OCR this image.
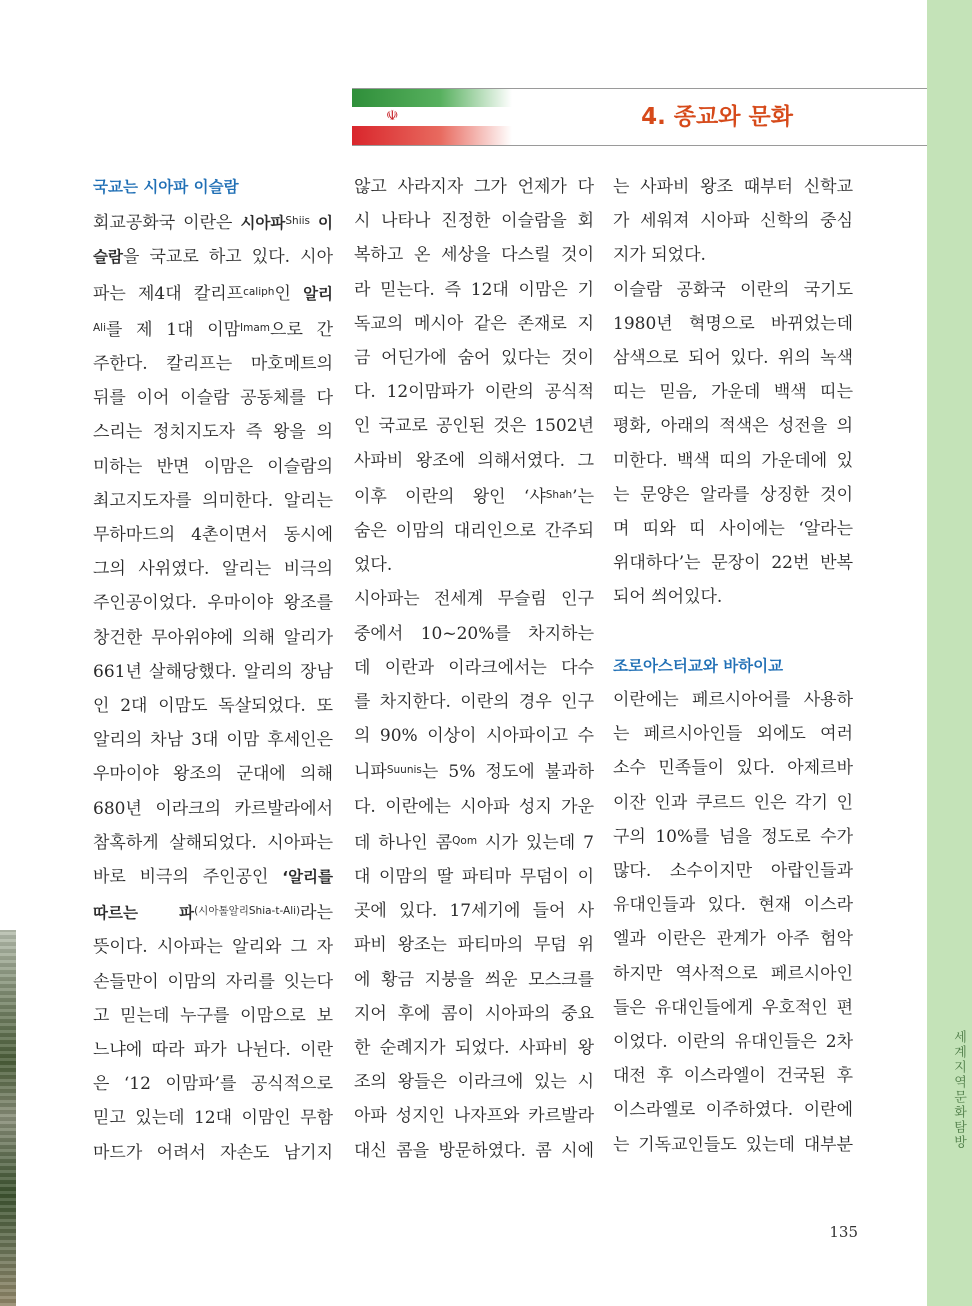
세계지역문화탐방
☫	4. 종교와 문화
국교는 시아파 이슬람

회교공화국 이란은 시아파$^{Shiis}$ 이

슬람을 국교로 하고 있다. 시아

파는 제4대 칼리프$^{caliph}$인 알리

$^{Ali}$를 제 1대 이맘$^{Imam}$으로 간

주한다. 칼리프는 마호메트의

뒤를 이어 이슬람 공동체를 다

스리는 정치지도자 즉 왕을 의

미하는 반면 이맘은 이슬람의

최고지도자를 의미한다. 알리는

무하마드의 4촌이면서 동시에

그의 사위였다. 알리는 비극의

주인공이었다. 우마이야 왕조를

창건한 무아위야에 의해 알리가

661년 살해당했다. 알리의 장남

인 2대 이맘도 독살되었다. 또

알리의 차남 3대 이맘 후세인은

우마이야 왕조의 군대에 의해

680년 이라크의 카르발라에서

참혹하게 살해되었다. 시아파는

바로 비극의 주인공인 ‘알리를

따르는 파$^{(시아톨알리Shia-t-Ali)}$라는

뜻이다. 시아파는 알리와 그 자

손들만이 이맘의 자리를 잇는다

고 믿는데 누구를 이맘으로 보

느냐에 따라 파가 나뉜다. 이란

은 ‘12 이맘파’를 공식적으로

믿고 있는데 12대 이맘인 무함

마드가 어려서 자손도 남기지

않고 사라지자 그가 언제가 다

시 나타나 진정한 이슬람을 회

복하고 온 세상을 다스릴 것이

라 믿는다. 즉 12대 이맘은 기

독교의 메시아 같은 존재로 지

금 어딘가에 숨어 있다는 것이

다. 12이맘파가 이란의 공식적

인 국교로 공인된 것은 1502년

사파비 왕조에 의해서였다. 그

이후 이란의 왕인 ‘샤$^{Shah}$’는

숨은 이맘의 대리인으로 간주되

었다.

시아파는 전세계 무슬림 인구

중에서 10~20%를 차지하는

데 이란과 이라크에서는 다수

를 차지한다. 이란의 경우 인구

의 90% 이상이 시아파이고 수

니파$^{Suunis}$는 5% 정도에 불과하

다. 이란에는 시아파 성지 가운

데 하나인 콤$^{Qom}$ 시가 있는데 7

대 이맘의 딸 파티마 무덤이 이

곳에 있다. 17세기에 들어 사

파비 왕조는 파티마의 무덤 위

에 황금 지붕을 씌운 모스크를

지어 후에 콤이 시아파의 중요

한 순례지가 되었다. 사파비 왕

조의 왕들은 이라크에 있는 시

아파 성지인 나자프와 카르발라

대신 콤을 방문하였다. 콤 시에

는 사파비 왕조 때부터 신학교

가 세워져 시아파 신학의 중심

지가 되었다.

이슬람 공화국 이란의 국기도

1980년 혁명으로 바뀌었는데

삼색으로 되어 있다. 위의 녹색

띠는 믿음, 가운데 백색 띠는

평화, 아래의 적색은 성전을 의

미한다. 백색 띠의 가운데에 있

는 문양은 알라를 상징한 것이

며 띠와 띠 사이에는 ‘알라는

위대하다’는 문장이 22번 반복

되어 씌어있다.

조로아스터교와 바하이교

이란에는 페르시아어를 사용하

는 페르시아인들 외에도 여러

소수 민족들이 있다. 아제르바

이잔 인과 쿠르드 인은 각기 인

구의 10%를 넘을 정도로 수가

많다. 소수이지만 아랍인들과

유대인들과 있다. 현재 이스라

엘과 이란은 관계가 아주 험악

하지만 역사적으로 페르시아인

들은 유대인들에게 우호적인 편

이었다. 이란의 유대인들은 2차

대전 후 이스라엘이 건국된 후

이스라엘로 이주하였다. 이란에

는 기독교인들도 있는데 대부분

135
